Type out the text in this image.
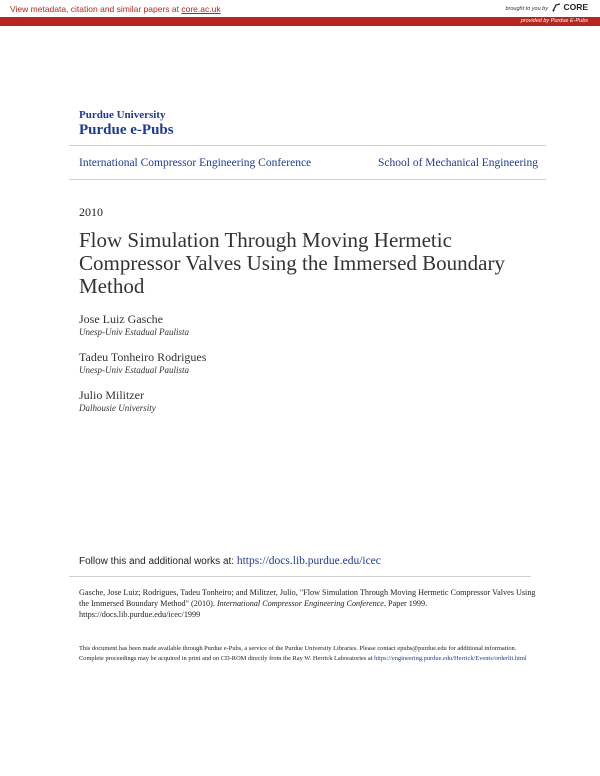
View metadata, citation and similar papers at core.ac.uk	brought to you by	CORE
provided by Purdue E-Pubs
Purdue University
Purdue e-Pubs
International Compressor Engineering Conference	School of Mechanical Engineering
2010
Flow Simulation Through Moving Hermetic Compressor Valves Using the Immersed Boundary Method
Jose Luiz Gasche
Unesp-Univ Estadual Paulista
Tadeu Tonheiro Rodrigues
Unesp-Univ Estadual Paulista
Julio Militzer
Dalhousie University
Follow this and additional works at: https://docs.lib.purdue.edu/icec
Gasche, Jose Luiz; Rodrigues, Tadeu Tonheiro; and Militzer, Julio, "Flow Simulation Through Moving Hermetic Compressor Valves Using the Immersed Boundary Method" (2010). International Compressor Engineering Conference. Paper 1999.
https://docs.lib.purdue.edu/icec/1999
This document has been made available through Purdue e-Pubs, a service of the Purdue University Libraries. Please contact epubs@purdue.edu for additional information.
Complete proceedings may be acquired in print and on CD-ROM directly from the Ray W. Herrick Laboratories at https://engineering.purdue.edu/Herrick/Events/orderlit.html
